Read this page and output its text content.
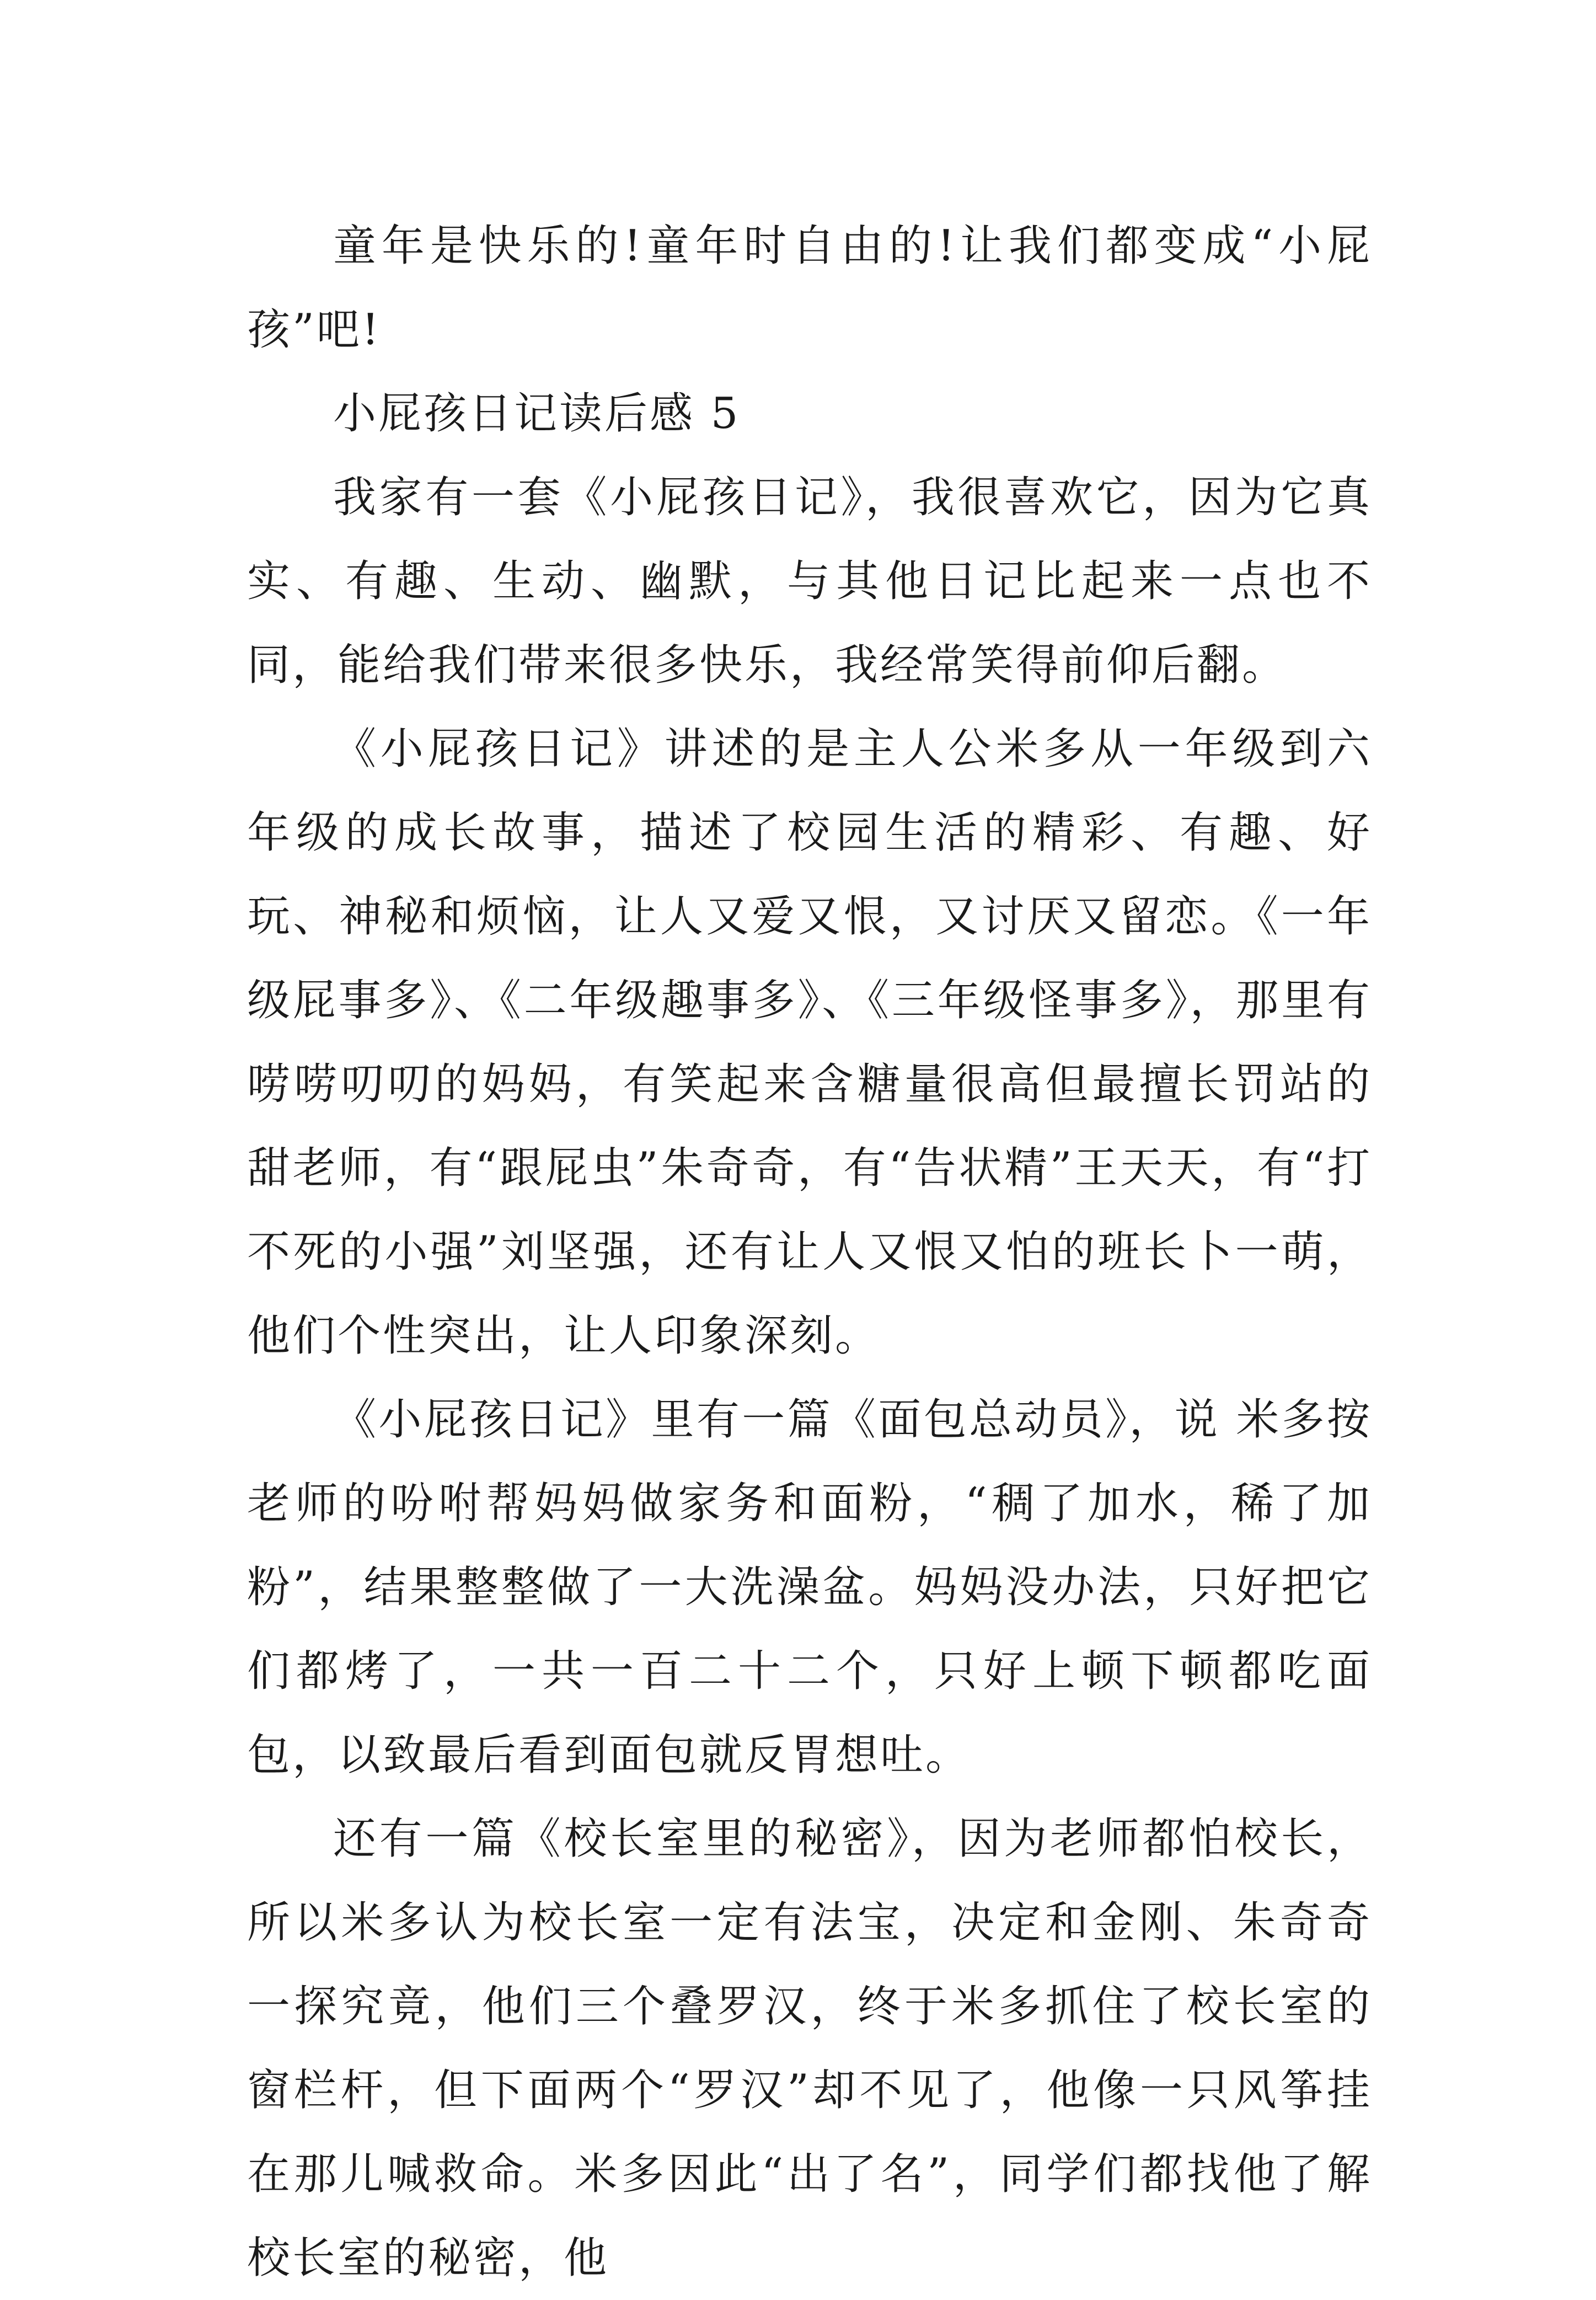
童年是快乐的!童年时自由的!让我们都变成“小屁孩”吧!

小屁孩日记读后感 5

我家有一套《小屁孩日记》，我很喜欢它，因为它真实、有趣、生动、幽默，与其他日记比起来一点也不同，能给我们带来很多快乐，我经常笑得前仰后翻。

《小屁孩日记》讲述的是主人公米多从一年级到六年级的成长故事，描述了校园生活的精彩、有趣、好玩、神秘和烦恼，让人又爱又恨，又讨厌又留恋。《一年级屁事多》、《二年级趣事多》、《三年级怪事多》，那里有唠唠叨叨的妈妈，有笑起来含糖量很高但最擅长罚站的甜老师，有“跟屁虫”朱奇奇，有“告状精”王天天，有“打不死的小强”刘坚强，还有让人又恨又怕的班长卜一萌，他们个性突出，让人印象深刻。

《小屁孩日记》里有一篇《面包总动员》，说 米多按老师的吩咐帮妈妈做家务和面粉，“稠了加水，稀了加粉”，结果整整做了一大洗澡盆。妈妈没办法，只好把它们都烤了，一共一百二十二个，只好上顿下顿都吃面包，以致最后看到面包就反胃想吐。

还有一篇《校长室里的秘密》，因为老师都怕校长，所以米多认为校长室一定有法宝，决定和金刚、朱奇奇一探究竟，他们三个叠罗汉，终于米多抓住了校长室的窗栏杆，但下面两个“罗汉”却不见了，他像一只风筝挂在那儿喊救命。米多因此“出了名”，同学们都找他了解校长室的秘密，他
